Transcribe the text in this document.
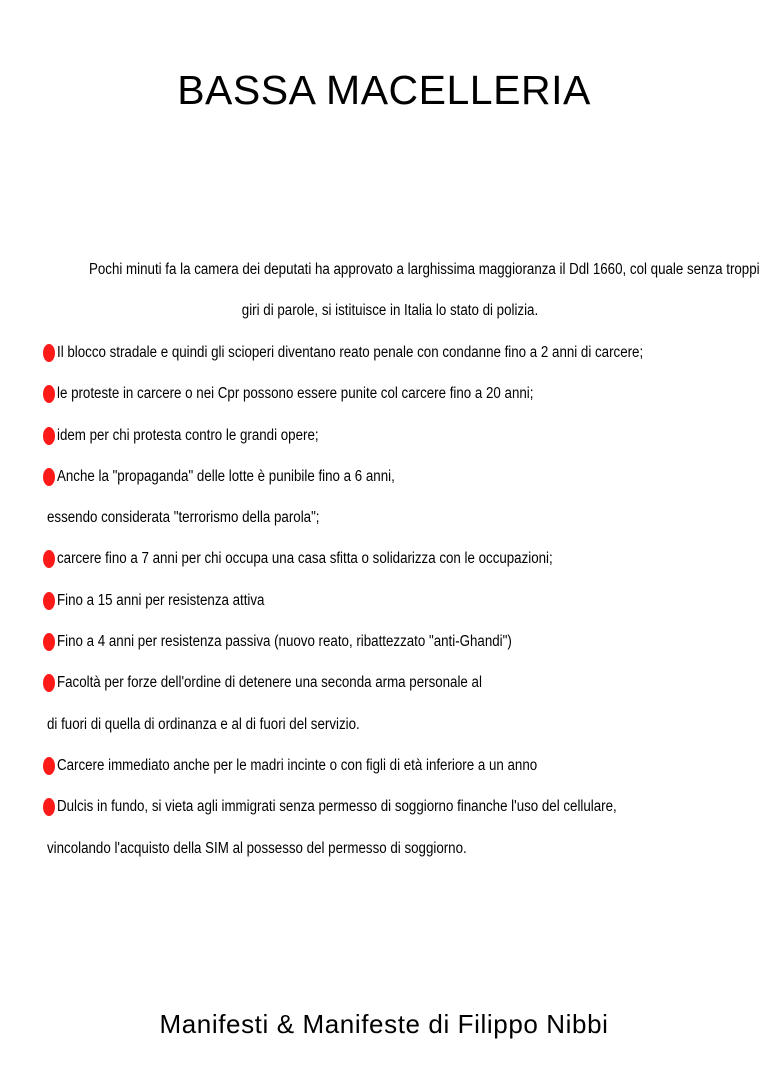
BASSA MACELLERIA
Pochi minuti fa la camera dei deputati ha approvato a larghissima maggioranza il Ddl 1660, col quale senza troppi
giri di parole, si istituisce in Italia lo stato di polizia.
Il blocco stradale e quindi gli scioperi diventano reato penale con condanne fino a 2 anni di carcere;
le proteste in carcere o nei Cpr possono essere punite col carcere fino a 20 anni;
idem per chi protesta contro le grandi opere;
Anche la "propaganda" delle lotte è punibile fino a 6 anni,
essendo considerata "terrorismo della parola";
carcere fino a 7 anni per chi occupa una casa sfitta o solidarizza con le occupazioni;
Fino a 15 anni per resistenza attiva
Fino a 4 anni per resistenza passiva (nuovo reato, ribattezzato "anti-Ghandi")
Facoltà per forze dell'ordine di detenere una seconda arma personale al
di fuori di quella di ordinanza e al di fuori del servizio.
Carcere immediato anche per le madri incinte o con figli di età inferiore a un anno
Dulcis in fundo, si vieta agli immigrati senza permesso di soggiorno finanche l'uso del cellulare,
vincolando l'acquisto della SIM al possesso del permesso di soggiorno.
Manifesti & Manifeste di Filippo Nibbi
